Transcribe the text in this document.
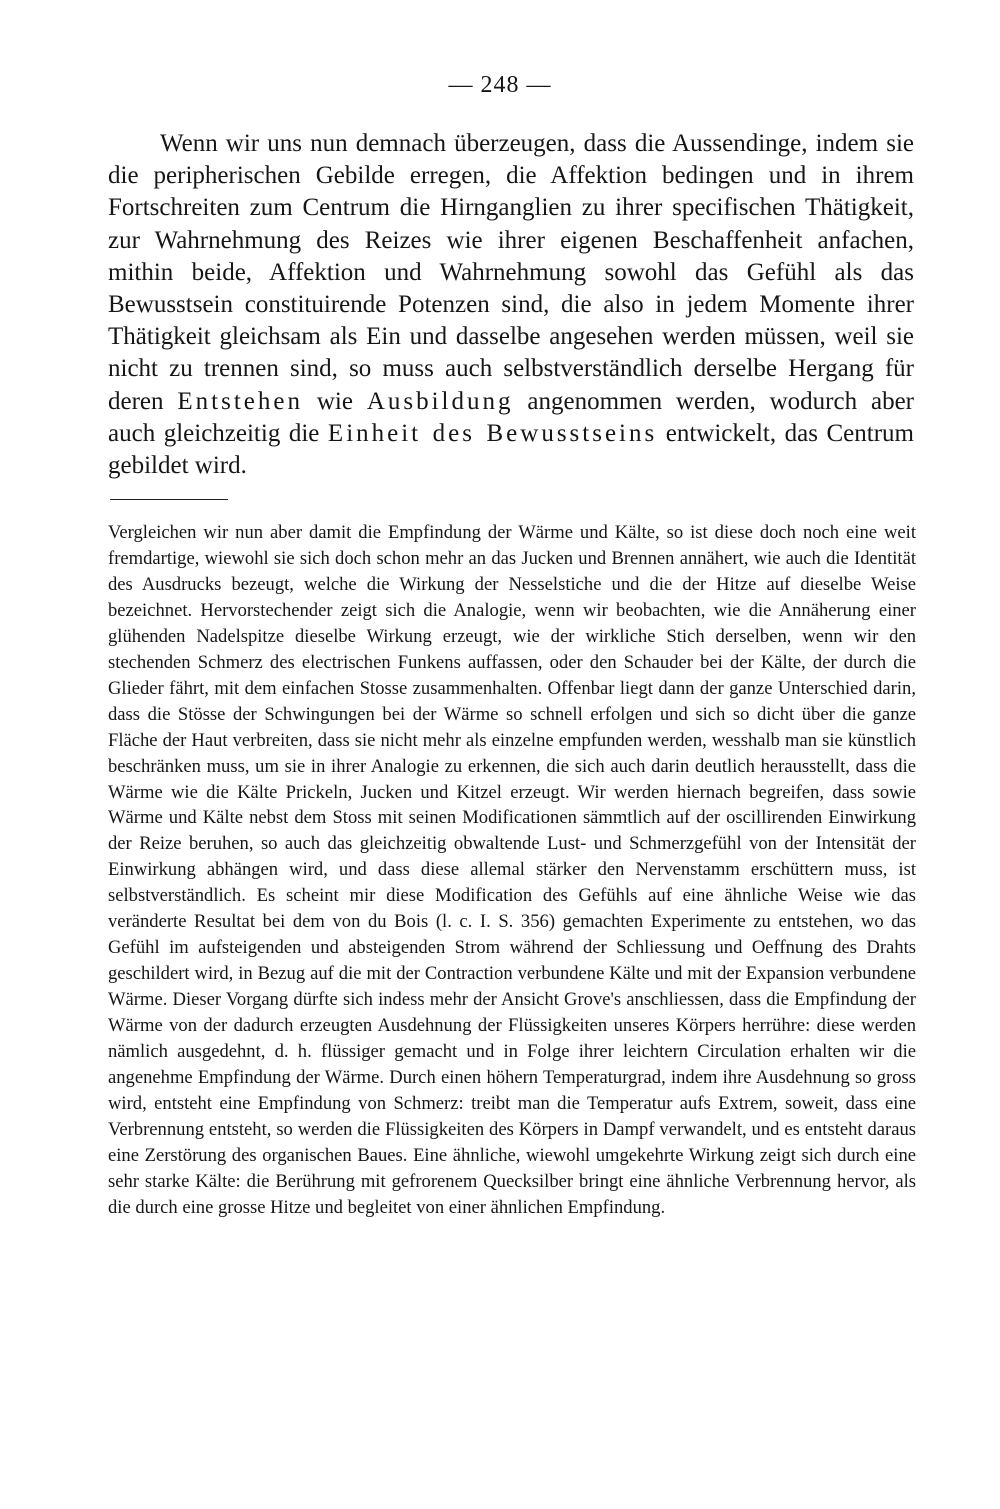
— 248 —

Wenn wir uns nun demnach überzeugen, dass die Aussendinge, indem sie die peripherischen Gebilde erregen, die Affektion bedingen und in ihrem Fortschreiten zum Centrum die Hirnganglien zu ihrer specifischen Thätigkeit, zur Wahrnehmung des Reizes wie ihrer eigenen Beschaffenheit anfachen, mithin beide, Affektion und Wahrnehmung sowohl das Gefühl als das Bewusstsein constituirende Potenzen sind, die also in jedem Momente ihrer Thätigkeit gleichsam als Ein und dasselbe angesehen werden müssen, weil sie nicht zu trennen sind, so muss auch selbstverständlich derselbe Hergang für deren Entstehen wie Ausbildung angenommen werden, wodurch aber auch gleichzeitig die Einheit des Bewusstseins entwickelt, das Centrum gebildet wird.

Vergleichen wir nun aber damit die Empfindung der Wärme und Kälte, so ist diese doch noch eine weit fremdartige, wiewohl sie sich doch schon mehr an das Jucken und Brennen annähert, wie auch die Identität des Ausdrucks bezeugt, welche die Wirkung der Nesselstiche und die der Hitze auf dieselbe Weise bezeichnet. Hervorstechender zeigt sich die Analogie, wenn wir beobachten, wie die Annäherung einer glühenden Nadelspitze dieselbe Wirkung erzeugt, wie der wirkliche Stich derselben, wenn wir den stechenden Schmerz des electrischen Funkens auffassen, oder den Schauder bei der Kälte, der durch die Glieder fährt, mit dem einfachen Stosse zusammenhalten. Offenbar liegt dann der ganze Unterschied darin, dass die Stösse der Schwingungen bei der Wärme so schnell erfolgen und sich so dicht über die ganze Fläche der Haut verbreiten, dass sie nicht mehr als einzelne empfunden werden, wesshalb man sie künstlich beschränken muss, um sie in ihrer Analogie zu erkennen, die sich auch darin deutlich herausstellt, dass die Wärme wie die Kälte Prickeln, Jucken und Kitzel erzeugt. Wir werden hiernach begreifen, dass sowie Wärme und Kälte nebst dem Stoss mit seinen Modificationen sämmtlich auf der oscillirenden Einwirkung der Reize beruhen, so auch das gleichzeitig obwaltende Lust- und Schmerzgefühl von der Intensität der Einwirkung abhängen wird, und dass diese allemal stärker den Nervenstamm erschüttern muss, ist selbstverständlich. Es scheint mir diese Modification des Gefühls auf eine ähnliche Weise wie das veränderte Resultat bei dem von du Bois (l. c. I. S. 356) gemachten Experimente zu entstehen, wo das Gefühl im aufsteigenden und absteigenden Strom während der Schliessung und Oeffnung des Drahts geschildert wird, in Bezug auf die mit der Contraction verbundene Kälte und mit der Expansion verbundene Wärme. Dieser Vorgang dürfte sich indess mehr der Ansicht Grove's anschliessen, dass die Empfindung der Wärme von der dadurch erzeugten Ausdehnung der Flüssigkeiten unseres Körpers herrühre: diese werden nämlich ausgedehnt, d. h. flüssiger gemacht und in Folge ihrer leichtern Circulation erhalten wir die angenehme Empfindung der Wärme. Durch einen höhern Temperaturgrad, indem ihre Ausdehnung so gross wird, entsteht eine Empfindung von Schmerz: treibt man die Temperatur aufs Extrem, soweit, dass eine Verbrennung entsteht, so werden die Flüssigkeiten des Körpers in Dampf verwandelt, und es entsteht daraus eine Zerstörung des organischen Baues. Eine ähnliche, wiewohl umgekehrte Wirkung zeigt sich durch eine sehr starke Kälte: die Berührung mit gefrorenem Quecksilber bringt eine ähnliche Verbrennung hervor, als die durch eine grosse Hitze und begleitet von einer ähnlichen Empfindung.
